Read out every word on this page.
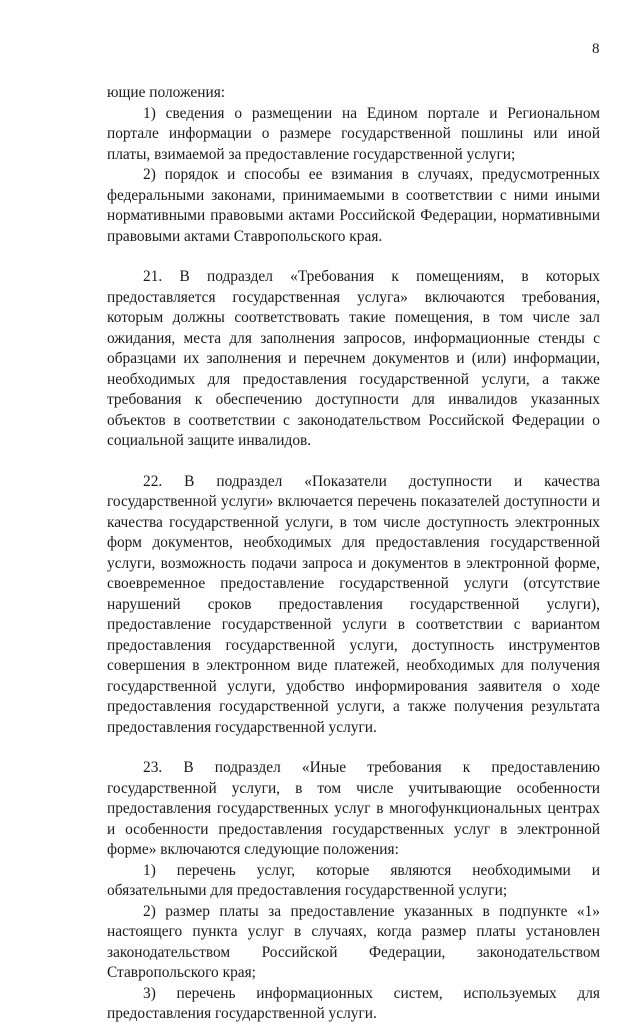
8

ющие положения:

1) сведения о размещении на Едином портале и Региональном портале информации о размере государственной пошлины или иной платы, взимаемой за предоставление государственной услуги;

2) порядок и способы ее взимания в случаях, предусмотренных федеральными законами, принимаемыми в соответствии с ними иными нормативными правовыми актами Российской Федерации, нормативными правовыми актами Ставропольского края.

21. В подраздел «Требования к помещениям, в которых предоставляется государственная услуга» включаются требования, которым должны соответствовать такие помещения, в том числе зал ожидания, места для заполнения запросов, информационные стенды с образцами их заполнения и перечнем документов и (или) информации, необходимых для предоставления государственной услуги, а также требования к обеспечению доступности для инвалидов указанных объектов в соответствии с законодательством Российской Федерации о социальной защите инвалидов.

22. В подраздел «Показатели доступности и качества государственной услуги» включается перечень показателей доступности и качества государственной услуги, в том числе доступность электронных форм документов, необходимых для предоставления государственной услуги, возможность подачи запроса и документов в электронной форме, своевременное предоставление государственной услуги (отсутствие нарушений сроков предоставления государственной услуги), предоставление государственной услуги в соответствии с вариантом предоставления государственной услуги, доступность инструментов совершения в электронном виде платежей, необходимых для получения государственной услуги, удобство информирования заявителя о ходе предоставления государственной услуги, а также получения результата предоставления государственной услуги.

23. В подраздел «Иные требования к предоставлению государственной услуги, в том числе учитывающие особенности предоставления государственных услуг в многофункциональных центрах и особенности предоставления государственных услуг в электронной форме» включаются следующие положения:

1) перечень услуг, которые являются необходимыми и обязательными для предоставления государственной услуги;

2) размер платы за предоставление указанных в подпункте «1» настоящего пункта услуг в случаях, когда размер платы установлен законодательством Российской Федерации, законодательством Ставропольского края;

3) перечень информационных систем, используемых для предоставления государственной услуги.
